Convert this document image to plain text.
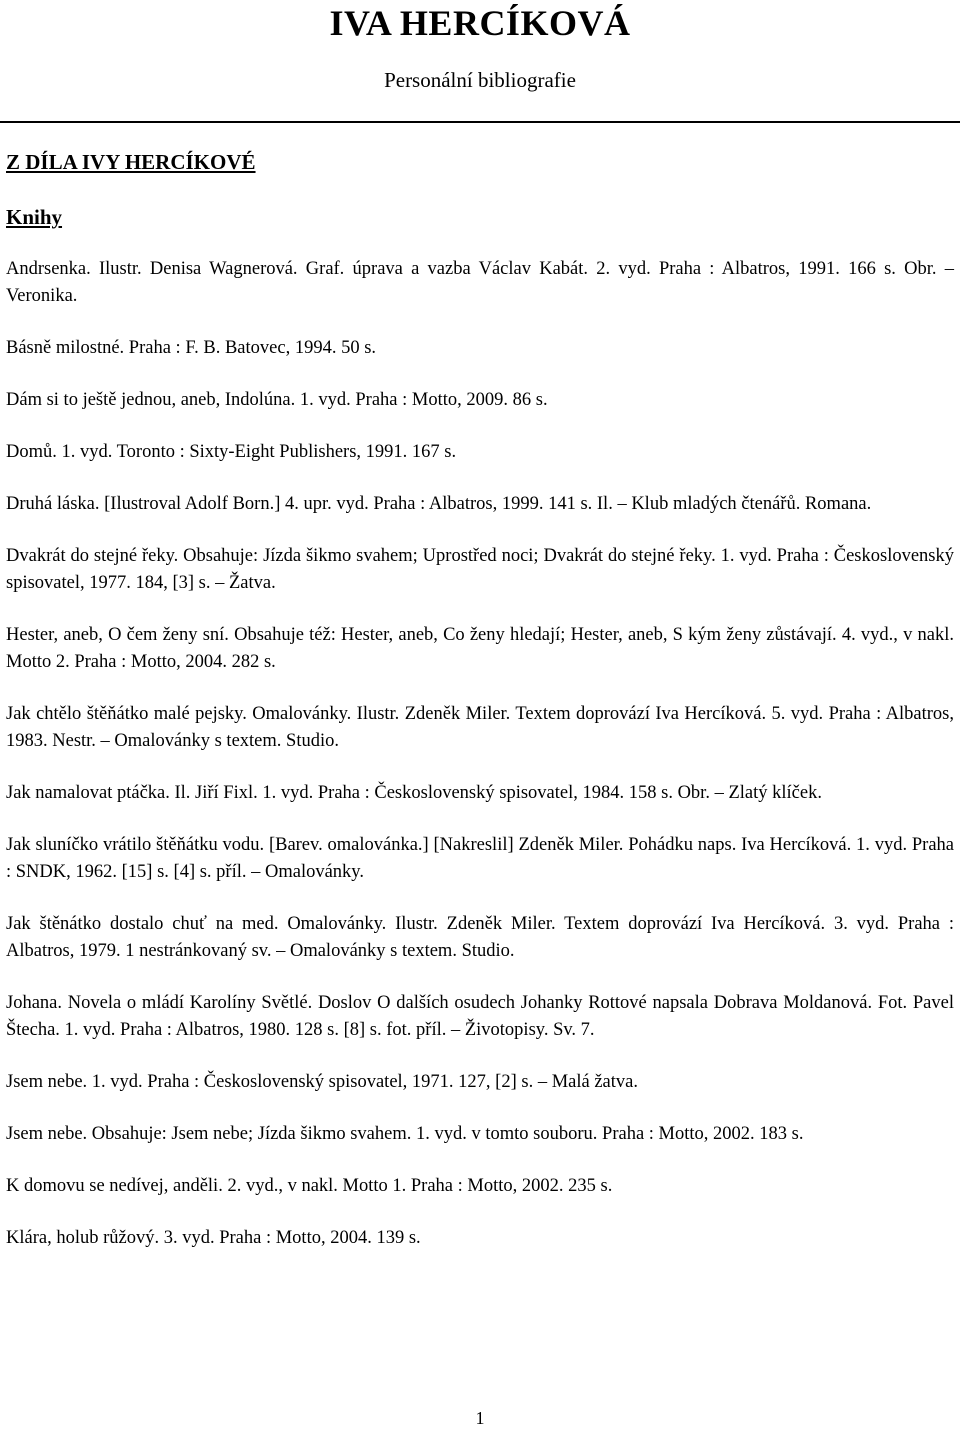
IVA HERCÍKOVÁ

Personální bibliografie

Z DÍLA IVY HERCÍKOVÉ
Knihy

Andrsenka. Ilustr. Denisa Wagnerová. Graf. úprava a vazba Václav Kabát. 2. vyd. Praha : Albatros, 1991. 166 s. Obr. – Veronika.

Básně milostné. Praha : F. B. Batovec, 1994. 50 s.

Dám si to ještě jednou, aneb, Indolúna. 1. vyd. Praha : Motto, 2009. 86 s.

Domů. 1. vyd. Toronto : Sixty-Eight Publishers, 1991. 167 s.

Druhá láska. [Ilustroval Adolf Born.] 4. upr. vyd. Praha : Albatros, 1999. 141 s. Il. – Klub mladých čtenářů. Romana.

Dvakrát do stejné řeky. Obsahuje: Jízda šikmo svahem; Uprostřed noci; Dvakrát do stejné řeky. 1. vyd. Praha : Československý spisovatel, 1977. 184, [3] s. – Žatva.

Hester, aneb, O čem ženy sní. Obsahuje též: Hester, aneb, Co ženy hledají; Hester, aneb, S kým ženy zůstávají. 4. vyd., v nakl. Motto 2. Praha : Motto, 2004. 282 s.

Jak chtělo štěňátko malé pejsky. Omalovánky. Ilustr. Zdeněk Miler. Textem doprovází Iva Hercíková. 5. vyd. Praha : Albatros, 1983. Nestr. – Omalovánky s textem. Studio.

Jak namalovat ptáčka. Il. Jiří Fixl. 1. vyd. Praha : Československý spisovatel, 1984. 158 s. Obr. – Zlatý klíček.

Jak sluníčko vrátilo štěňátku vodu. [Barev. omalovánka.] [Nakreslil] Zdeněk Miler. Pohádku naps. Iva Hercíková. 1. vyd. Praha : SNDK, 1962. [15] s. [4] s. příl. – Omalovánky.

Jak štěnátko dostalo chuť na med. Omalovánky. Ilustr. Zdeněk Miler. Textem doprovází Iva Hercíková. 3. vyd. Praha : Albatros, 1979. 1 nestránkovaný sv. – Omalovánky s textem. Studio.

Johana. Novela o mládí Karolíny Světlé. Doslov O dalších osudech Johanky Rottové napsala Dobrava Moldanová. Fot. Pavel Štecha. 1. vyd. Praha : Albatros, 1980. 128 s. [8] s. fot. příl. – Životopisy. Sv. 7.

Jsem nebe. 1. vyd. Praha : Československý spisovatel, 1971. 127, [2] s. – Malá žatva.

Jsem nebe. Obsahuje: Jsem nebe; Jízda šikmo svahem. 1. vyd. v tomto souboru. Praha : Motto, 2002. 183 s.

K domovu se nedívej, anděli. 2. vyd., v nakl. Motto 1. Praha : Motto, 2002. 235 s.

Klára, holub růžový. 3. vyd. Praha : Motto, 2004. 139 s.

1
